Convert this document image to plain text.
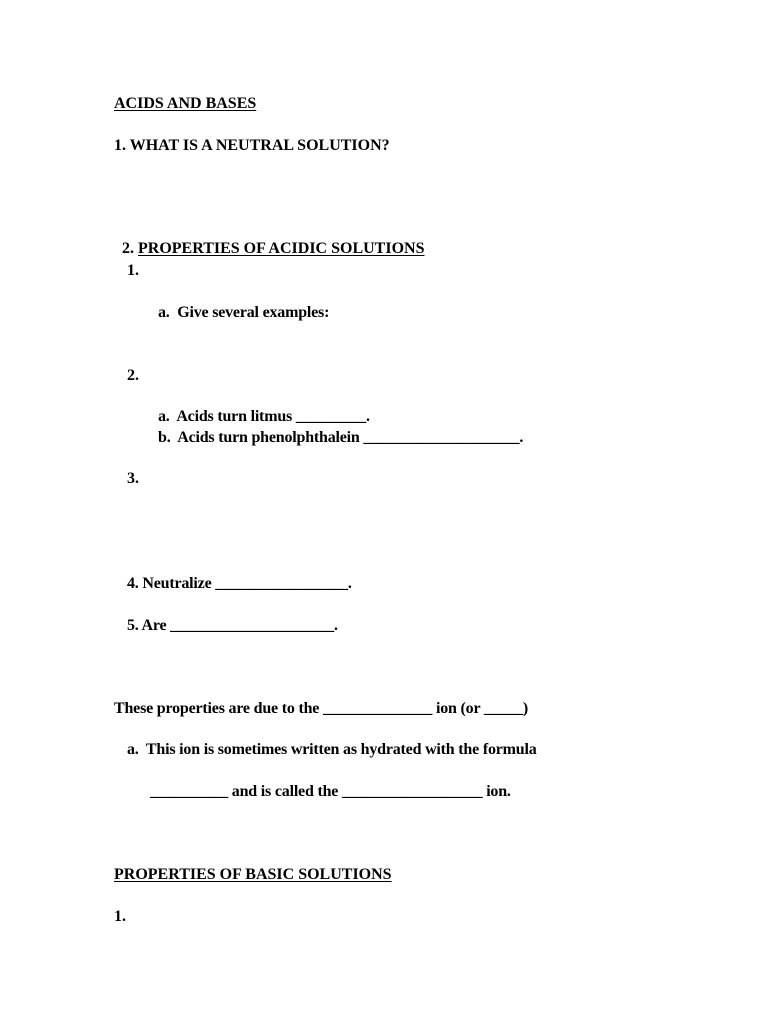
ACIDS AND BASES
1. WHAT IS A NEUTRAL SOLUTION?

2. PROPERTIES OF ACIDIC SOLUTIONS

1.
a.  Give several examples:
2.
a.  Acids turn litmus _________.
b.  Acids turn phenolphthalein ____________________.
3.
4. Neutralize _________________.
5. Are _____________________.
These properties are due to the ______________ ion (or _____)
a.  This ion is sometimes written as hydrated with the formula
__________ and is called the __________________ ion.
PROPERTIES OF BASIC SOLUTIONS
1.
